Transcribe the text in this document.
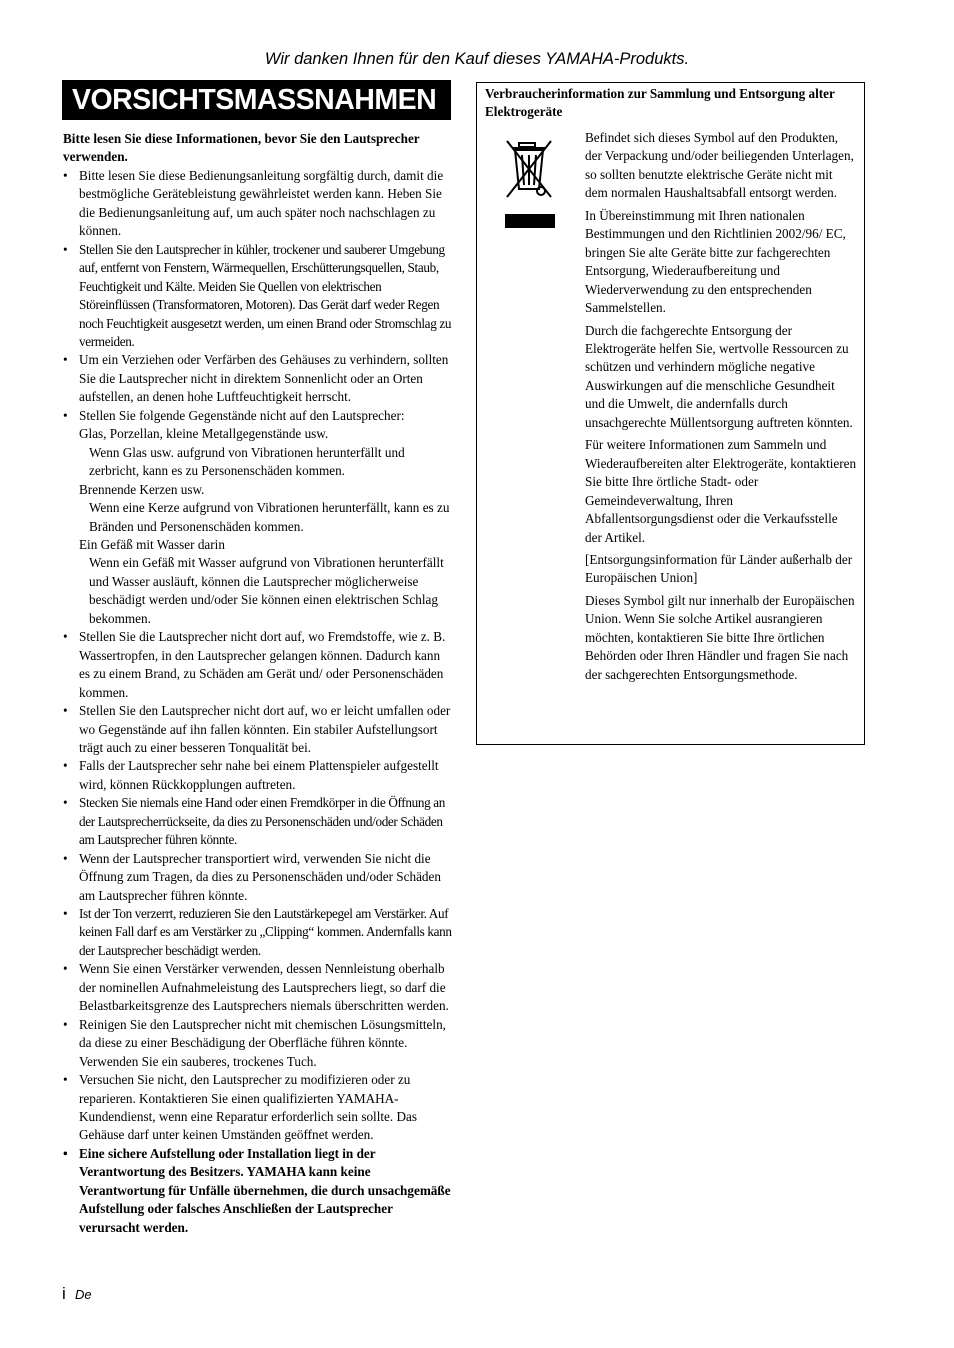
Wir danken Ihnen für den Kauf dieses YAMAHA-Produkts.
VORSICHTSMASSNAHMEN
Bitte lesen Sie diese Informationen, bevor Sie den Lautsprecher verwenden.
• Bitte lesen Sie diese Bedienungsanleitung sorgfältig durch, damit die bestmögliche Gerätebleistung gewährleistet werden kann. Heben Sie die Bedienungsanleitung auf, um auch später noch nachschlagen zu können.
• Stellen Sie den Lautsprecher in kühler, trockener und sauberer Umgebung auf, entfernt von Fenstern, Wärmequellen, Erschütterungsquellen, Staub, Feuchtigkeit und Kälte. Meiden Sie Quellen von elektrischen Störeinflüssen (Transformatoren, Motoren). Das Gerät darf weder Regen noch Feuchtigkeit ausgesetzt werden, um einen Brand oder Stromschlag zu vermeiden.
• Um ein Verziehen oder Verfärben des Gehäuses zu verhindern, sollten Sie die Lautsprecher nicht in direktem Sonnenlicht oder an Orten aufstellen, an denen hohe Luftfeuchtigkeit herrscht.
• Stellen Sie folgende Gegenstände nicht auf den Lautsprecher:
Glas, Porzellan, kleine Metallgegenstände usw.
Wenn Glas usw. aufgrund von Vibrationen herunterfällt und zerbricht, kann es zu Personenschäden kommen.
Brennende Kerzen usw.
Wenn eine Kerze aufgrund von Vibrationen herunterfällt, kann es zu Bränden und Personenschäden kommen.
Ein Gefäß mit Wasser darin
Wenn ein Gefäß mit Wasser aufgrund von Vibrationen herunterfällt und Wasser ausläuft, können die Lautsprecher möglicherweise beschädigt werden und/oder Sie können einen elektrischen Schlag bekommen.
• Stellen Sie die Lautsprecher nicht dort auf, wo Fremdstoffe, wie z. B. Wassertropfen, in den Lautsprecher gelangen können. Dadurch kann es zu einem Brand, zu Schäden am Gerät und/ oder Personenschäden kommen.
• Stellen Sie den Lautsprecher nicht dort auf, wo er leicht umfallen oder wo Gegenstände auf ihn fallen könnten. Ein stabiler Aufstellungsort trägt auch zu einer besseren Tonqualität bei.
• Falls der Lautsprecher sehr nahe bei einem Plattenspieler aufgestellt wird, können Rückkopplungen auftreten.
• Stecken Sie niemals eine Hand oder einen Fremdkörper in die Öffnung an der Lautsprecherrückseite, da dies zu Personenschäden und/oder Schäden am Lautsprecher führen könnte.
• Wenn der Lautsprecher transportiert wird, verwenden Sie nicht die Öffnung zum Tragen, da dies zu Personenschäden und/oder Schäden am Lautsprecher führen könnte.
• Ist der Ton verzerrt, reduzieren Sie den Lautstärkepegel am Verstärker. Auf keinen Fall darf es am Verstärker zu „Clipping“ kommen. Andernfalls kann der Lautsprecher beschädigt werden.
• Wenn Sie einen Verstärker verwenden, dessen Nennleistung oberhalb der nominellen Aufnahmeleistung des Lautsprechers liegt, so darf die Belastbarkeitsgrenze des Lautsprechers niemals überschritten werden.
• Reinigen Sie den Lautsprecher nicht mit chemischen Lösungsmitteln, da diese zu einer Beschädigung der Oberfläche führen könnte. Verwenden Sie ein sauberes, trockenes Tuch.
• Versuchen Sie nicht, den Lautsprecher zu modifizieren oder zu reparieren. Kontaktieren Sie einen qualifizierten YAMAHA-Kundendienst, wenn eine Reparatur erforderlich sein sollte. Das Gehäuse darf unter keinen Umständen geöffnet werden.
• Eine sichere Aufstellung oder Installation liegt in der Verantwortung des Besitzers. YAMAHA kann keine Verantwortung für Unfälle übernehmen, die durch unsachgemäße Aufstellung oder falsches Anschließen der Lautsprecher verursacht werden.
Verbraucherinformation zur Sammlung und Entsorgung alter Elektrogeräte

Befindet sich dieses Symbol auf den Produkten, der Verpackung und/oder beiliegenden Unterlagen, so sollten benutzte elektrische Geräte nicht mit dem normalen Haushaltsabfall entsorgt werden.

In Übereinstimmung mit Ihren nationalen Bestimmungen und den Richtlinien 2002/96/ EC, bringen Sie alte Geräte bitte zur fachgerechten Entsorgung, Wiederaufbereitung und Wiederverwendung zu den entsprechenden Sammelstellen.

Durch die fachgerechte Entsorgung der Elektrogeräte helfen Sie, wertvolle Ressourcen zu schützen und verhindern mögliche negative Auswirkungen auf die menschliche Gesundheit und die Umwelt, die andernfalls durch unsachgerechte Müllentsorgung auftreten könnten.

Für weitere Informationen zum Sammeln und Wiederaufbereiten alter Elektrogeräte, kontaktieren Sie bitte Ihre örtliche Stadt- oder Gemeindeverwaltung, Ihren Abfallentsorgungsdienst oder die Verkaufsstelle der Artikel.

[Entsorgungsinformation für Länder außerhalb der Europäischen Union]

Dieses Symbol gilt nur innerhalb der Europäischen Union. Wenn Sie solche Artikel ausrangieren möchten, kontaktieren Sie bitte Ihre örtlichen Behörden oder Ihren Händler und fragen Sie nach der sachgerechten Entsorgungsmethode.

i De
